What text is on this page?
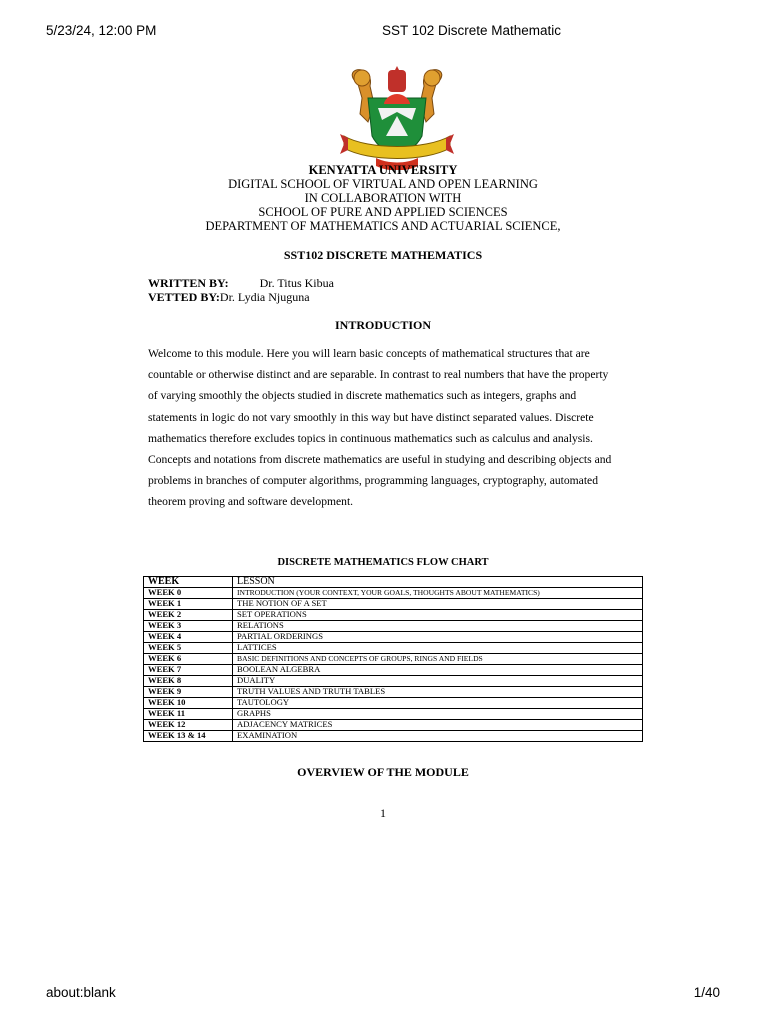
5/23/24, 12:00 PM	SST 102 Discrete Mathematic
KENYATTA UNIVERSITY
DIGITAL SCHOOL OF VIRTUAL AND OPEN LEARNING
IN COLLABORATION WITH
SCHOOL OF PURE AND APPLIED SCIENCES
DEPARTMENT OF MATHEMATICS AND ACTUARIAL SCIENCE,
SST102 DISCRETE MATHEMATICS
WRITTEN BY:	Dr. Titus Kibua
VETTED BY:Dr. Lydia Njuguna
INTRODUCTION
Welcome to this module. Here you will learn basic concepts of mathematical structures that are countable or otherwise distinct and are separable. In contrast to real numbers that have the property of varying smoothly the objects studied in discrete mathematics such as integers, graphs and statements in logic do not vary smoothly in this way but have distinct separated values. Discrete mathematics therefore excludes topics in continuous mathematics such as calculus and analysis. Concepts and notations from discrete mathematics are useful in studying and describing objects and problems in branches of computer algorithms, programming languages, cryptography, automated theorem proving and software development.
DISCRETE MATHEMATICS FLOW CHART
WEEK	LESSON
WEEK 0	INTRODUCTION (YOUR CONTEXT, YOUR GOALS, THOUGHTS ABOUT MATHEMATICS)
WEEK 1	THE NOTION OF A SET
WEEK 2	SET OPERATIONS
WEEK 3	RELATIONS
WEEK 4	PARTIAL ORDERINGS
WEEK 5	LATTICES
WEEK 6	BASIC DEFINITIONS AND CONCEPTS OF GROUPS, RINGS AND FIELDS
WEEK 7	BOOLEAN ALGEBRA
WEEK 8	DUALITY
WEEK 9	TRUTH VALUES AND TRUTH TABLES
WEEK 10	TAUTOLOGY
WEEK 11	GRAPHS
WEEK 12	ADJACENCY MATRICES
WEEK 13 & 14	EXAMINATION
OVERVIEW OF THE MODULE
1
about:blank	1/40
